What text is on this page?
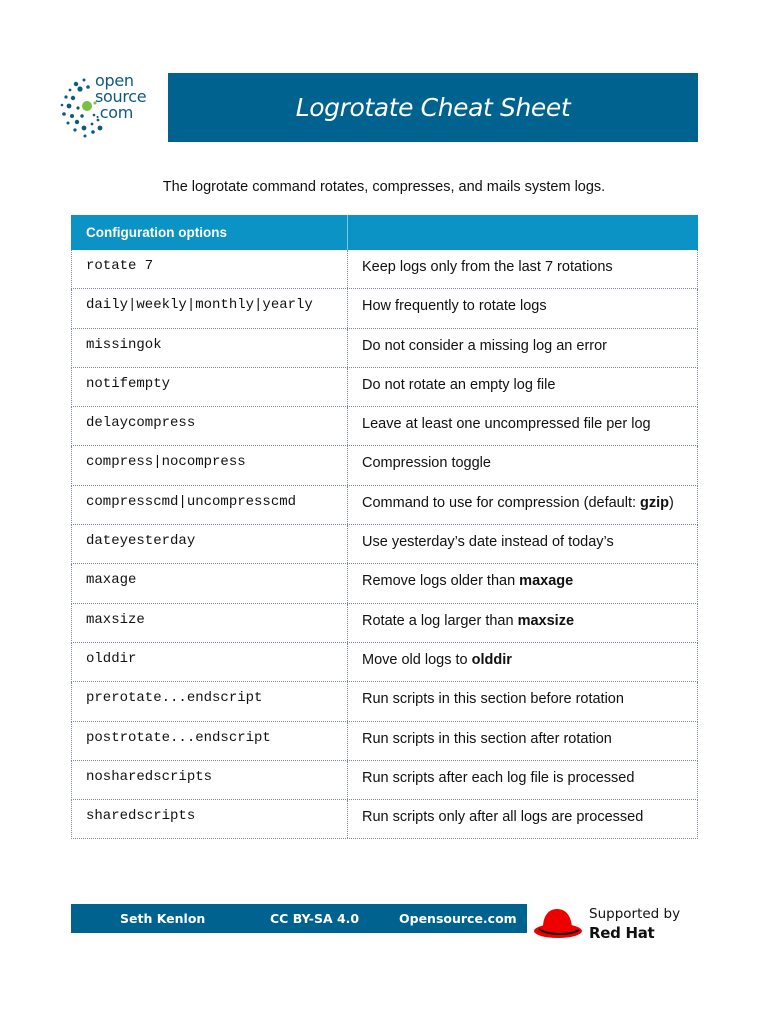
open
source
.com	Logrotate Cheat Sheet
The logrotate command rotates, compresses, and mails system logs.
Configuration options
rotate 7	Keep logs only from the last 7 rotations
daily|weekly|monthly|yearly	How frequently to rotate logs
missingok	Do not consider a missing log an error
notifempty	Do not rotate an empty log file
delaycompress	Leave at least one uncompressed file per log
compress|nocompress	Compression toggle
compresscmd|uncompresscmd	Command to use for compression (default: gzip)
dateyesterday	Use yesterday’s date instead of today’s
maxage	Remove logs older than maxage
maxsize	Rotate a log larger than maxsize
olddir	Move old logs to olddir
prerotate...endscript	Run scripts in this section before rotation
postrotate...endscript	Run scripts in this section after rotation
nosharedscripts	Run scripts after each log file is processed
sharedscripts	Run scripts only after all logs are processed
Seth Kenlon	CC BY-SA 4.0	Opensource.com	Supported by
Red Hat
